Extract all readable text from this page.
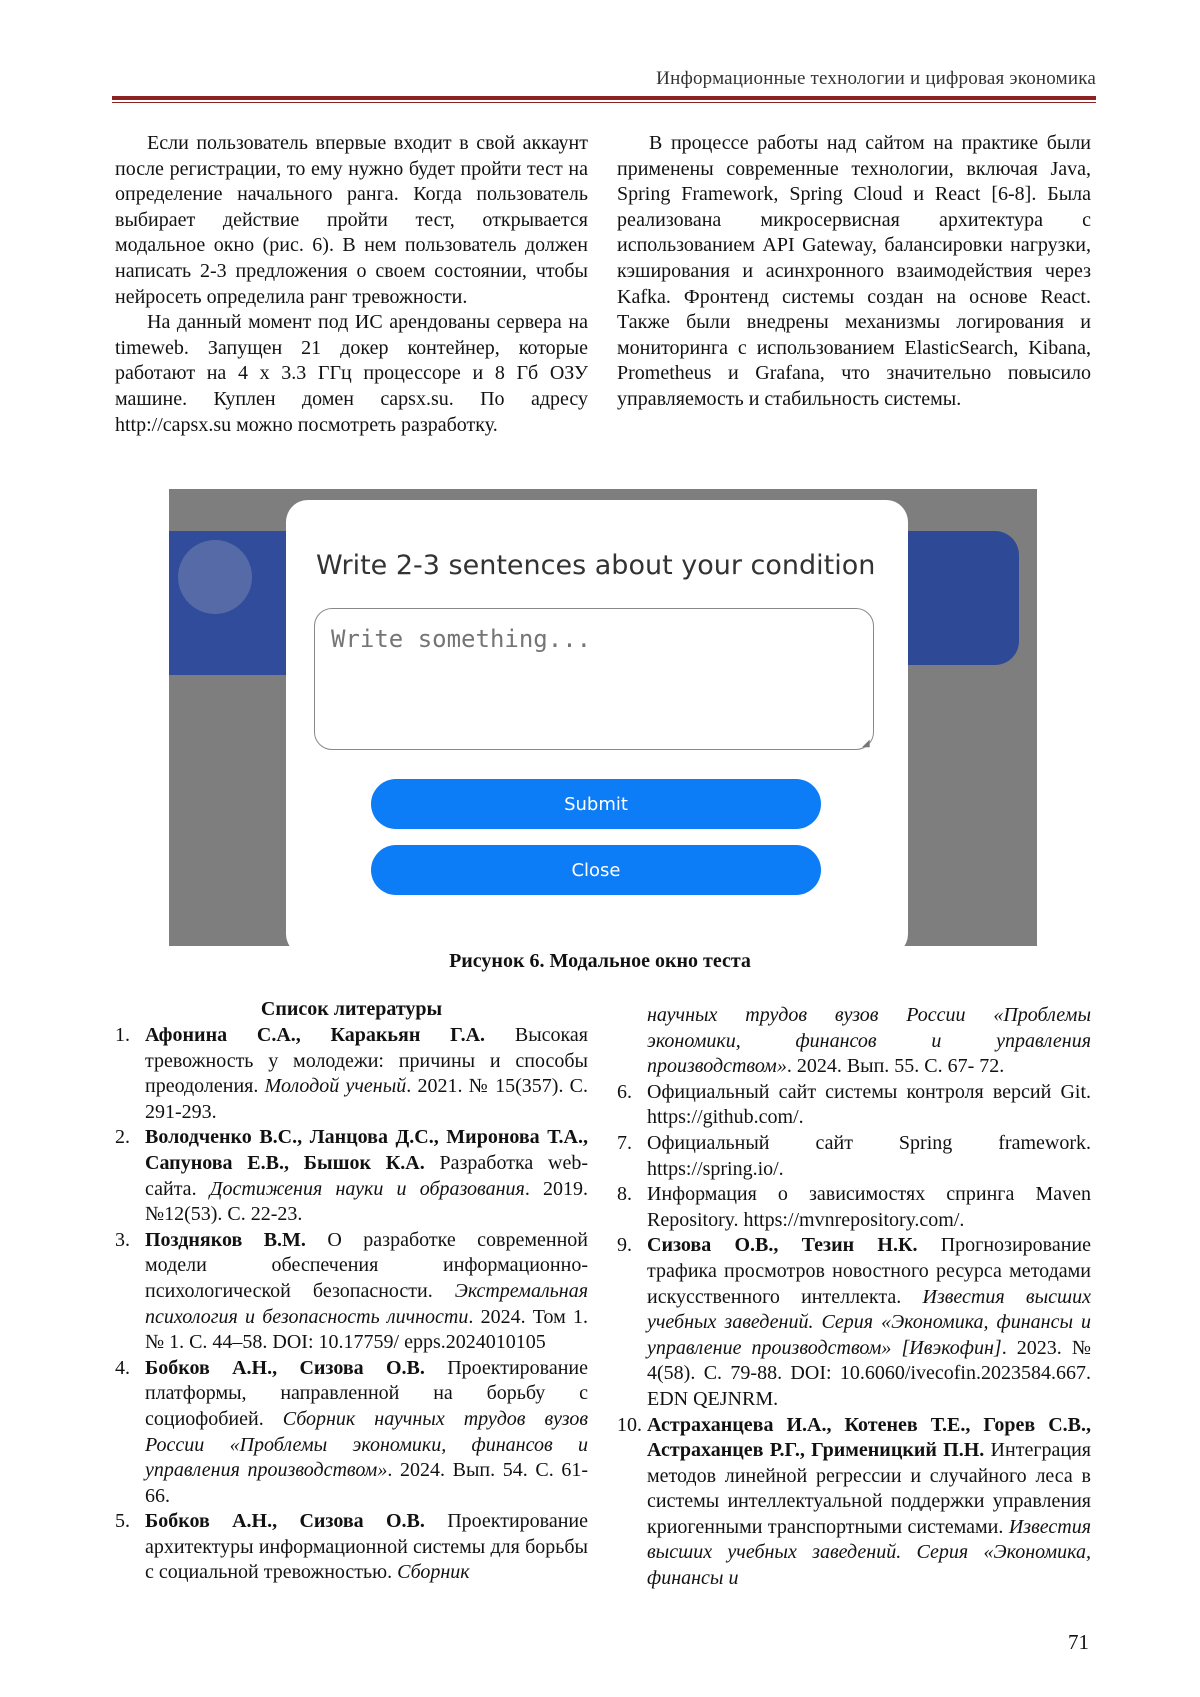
Информационные технологии и цифровая экономика

Если пользователь впервые входит в свой аккаунт после регистрации, то ему нужно будет пройти тест на определение начального ранга. Когда пользователь выбирает действие пройти тест, открывается модальное окно (рис. 6). В нем пользователь должен написать 2-3 предложения о своем состоянии, чтобы нейросеть определила ранг тревожности.

На данный момент под ИС арендованы сервера на timeweb. Запущен 21 докер контейнер, которые работают на 4 x 3.3 ГГц процессоре и 8 Гб ОЗУ машине. Куплен домен capsx.su. По адресу http://capsx.su можно посмотреть разработку.

В процессе работы над сайтом на практике были применены современные технологии, включая Java, Spring Framework, Spring Cloud и React [6-8]. Была реализована микросервисная архитектура с использованием API Gateway, балансировки нагрузки, кэширования и асинхронного взаимодействия через Kafka. Фронтенд системы создан на основе React. Также были внедрены механизмы логирования и мониторинга с использованием ElasticSearch, Kibana, Prometheus и Grafana, что значительно повысило управляемость и стабильность системы.

Write 2-3 sentences about your condition
Write something...
◢
Submit
Close
Рисунок 6. Модальное окно теста
Список литературы
1. Афонина С.А., Каракьян Г.А. Высокая тревожность у молодежи: причины и способы преодоления. Молодой ученый. 2021. № 15(357). С. 291-293.
2. Володченко В.С., Ланцова Д.С., Миронова Т.А., Сапунова Е.В., Бышок К.А. Разработка web-сайта. Достижения науки и образования. 2019. №12(53). С. 22-23.
3. Поздняков В.М. О разработке современной модели обеспечения информационно-психологической безопасности. Экстремальная психология и безопасность личности. 2024. Том 1. № 1. С. 44–58. DOI: 10.17759/ epps.2024010105
4. Бобков А.Н., Сизова О.В. Проектирование платформы, направленной на борьбу с социофобией. Сборник научных трудов вузов России «Проблемы экономики, финансов и управления производством». 2024. Вып. 54. С. 61- 66.
5. Бобков А.Н., Сизова О.В. Проектирование архитектуры информационной системы для борьбы с социальной тревожностью. Сборник
научных трудов вузов России «Проблемы экономики, финансов и управления производством». 2024. Вып. 55. С. 67- 72.
6. Официальный сайт системы контроля версий Git. https://github.com/.
7. Официальный сайт Spring framework. https://spring.io/.
8. Информация о зависимостях спринга Maven Repository. https://mvnrepository.com/.
9. Сизова О.В., Тезин Н.К. Прогнозирование трафика просмотров новостного ресурса методами искусственного интеллекта. Известия высших учебных заведений. Серия «Экономика, финансы и управление производством» [Ивэкофин]. 2023. № 4(58). С. 79-88. DOI: 10.6060/ivecofin.2023584.667. EDN QEJNRM.
10. Астраханцева И.А., Котенев Т.Е., Горев С.В., Астраханцев Р.Г., Гримeницкий П.Н. Интеграция методов линейной регрессии и случайного леса в системы интеллектуальной поддержки управления криогенными транспортными системами. Известия высших учебных заведений. Серия «Экономика, финансы и
71
